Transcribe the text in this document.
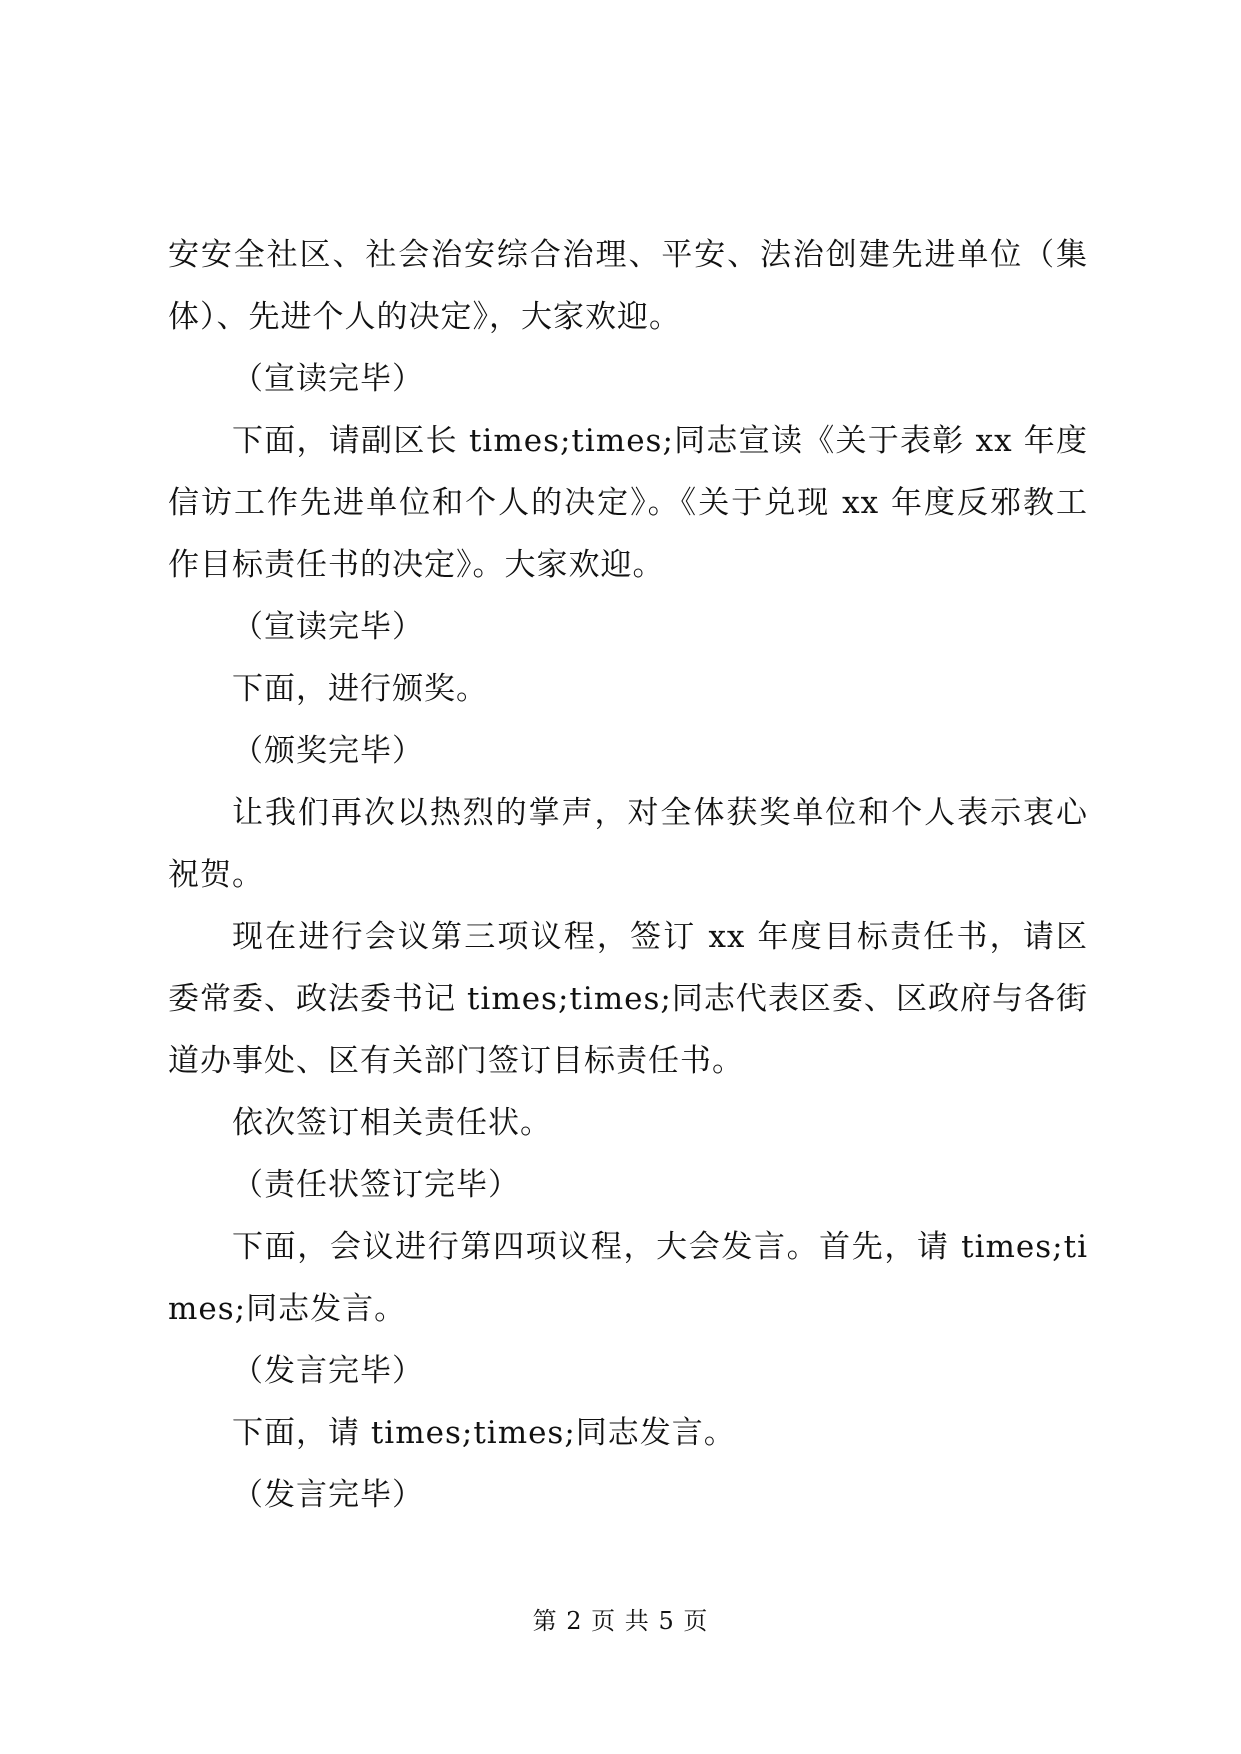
安安全社区、社会治安综合治理、平安、法治创建先进单位（集体）、先进个人的决定》，大家欢迎。

（宣读完毕）

下面，请副区长 times;times;同志宣读《关于表彰 xx 年度信访工作先进单位和个人的决定》。《关于兑现 xx 年度反邪教工作目标责任书的决定》。大家欢迎。

（宣读完毕）

下面，进行颁奖。

（颁奖完毕）

让我们再次以热烈的掌声，对全体获奖单位和个人表示衷心祝贺。

现在进行会议第三项议程，签订 xx 年度目标责任书，请区委常委、政法委书记 times;times;同志代表区委、区政府与各街道办事处、区有关部门签订目标责任书。

依次签订相关责任状。

（责任状签订完毕）

下面，会议进行第四项议程，大会发言。首先，请 times;times;同志发言。

（发言完毕）

下面，请 times;times;同志发言。

（发言完毕）

第 2 页 共 5 页
